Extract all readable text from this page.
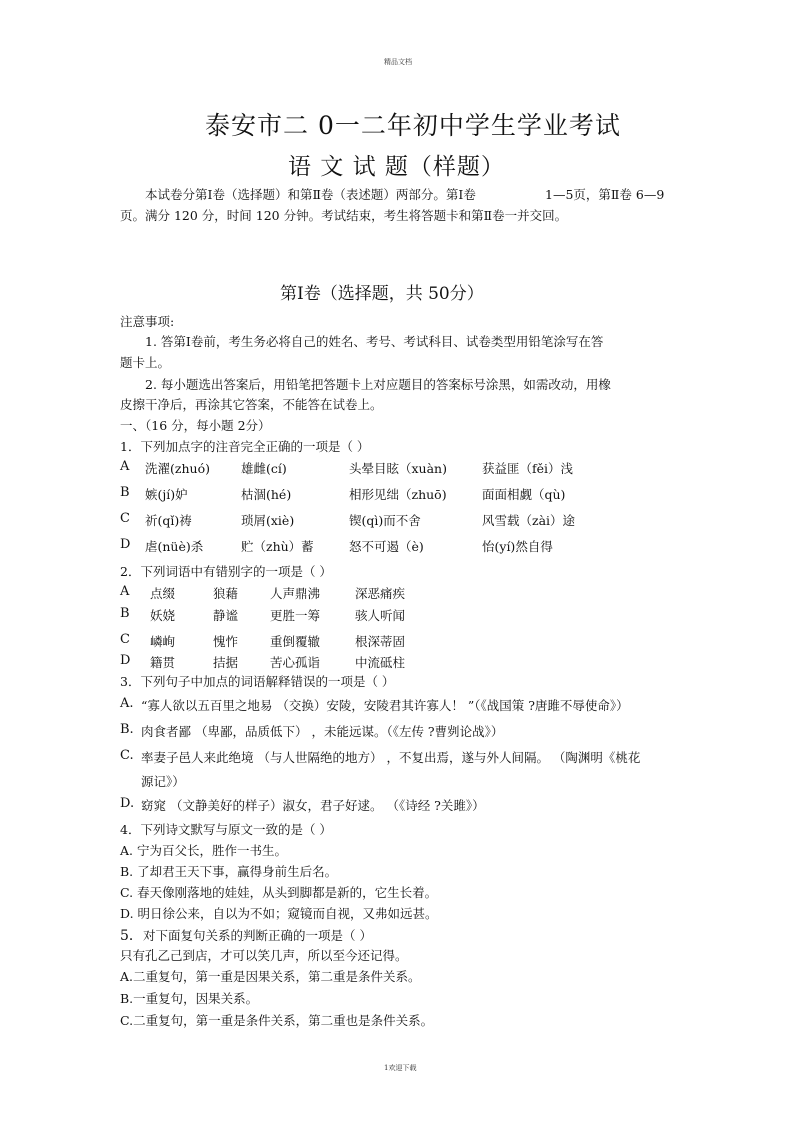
精品文档
泰安市二 0一二年初中学生学业考试
语 文 试 题（样题）
本试卷分第Ⅰ卷（选择题）和第Ⅱ卷（表述题）两部分。第Ⅰ卷	1—5页，第Ⅱ卷 6—9
页。满分 120 分，时间 120 分钟。考试结束，考生将答题卡和第Ⅱ卷一并交回。
第Ⅰ卷（选择题，共 50分）
注意事项:
1. 答第Ⅰ卷前，考生务必将自己的姓名、考号、考试科目、试卷类型用铅笔涂写在答
题卡上。
2. 每小题选出答案后，用铅笔把答题卡上对应题目的答案标号涂黑，如需改动，用橡
皮擦干净后，再涂其它答案，不能答在试卷上。
一、（16 分，每小题 2分）
1．下列加点字的注音完全正确的一项是（ ）
A 洗濯(zhuó) 雄雌(cí)	头晕目眩（xuàn)	获益匪（fěi）浅
B 嫉(jí)妒	枯涸(hé)	相形见绌（zhuō)	面面相觑（qù)
C 祈(qǐ)祷	琐屑(xiè)	锲(qì)而不舍	风雪载（zài）途
D 虐(nüè)杀	贮（zhù）蓄	怒不可遏（è)	怡(yí)然自得
2．下列词语中有错别字的一项是（ ）
A 点缀	狼藉	人声鼎沸	深恶痛疾
B 妖娆	静谧	更胜一筹	骇人听闻
C 嶙峋	愧怍	重倒覆辙	根深蒂固
D 籍贯	拮据	苦心孤诣	中流砥柱
3．下列句子中加点的词语解释错误的一项是（ ）
A. “寡人欲以五百里之地易 （交换）安陵，安陵君其许寡人！ ”（《战国策 ?唐雎不辱使命》）
B. 肉食者鄙 （卑鄙，品质低下） ，未能远谋。（《左传 ?曹刿论战》）
C. 率妻子邑人来此绝境 （与人世隔绝的地方） ，不复出焉，遂与外人间隔。 （陶渊明《桃花
源记》）
D. 窈窕 （文静美好的样子）淑女，君子好逑。 （《诗经 ?关雎》）
4．下列诗文默写与原文一致的是（ ）
A. 宁为百父长，胜作一书生。
B. 了却君王天下事，赢得身前生后名。
C. 春天像刚落地的娃娃，从头到脚都是新的，它生长着。
D. 明日徐公来，自以为不如；窥镜而自视，又弗如远甚。
5． 对下面复句关系的判断正确的一项是（ ）
只有孔乙己到店，才可以笑几声，所以至今还记得。
A.二重复句，第一重是因果关系，第二重是条件关系。
B.一重复句，因果关系。
C.二重复句，第一重是条件关系，第二重也是条件关系。
1欢迎下载
